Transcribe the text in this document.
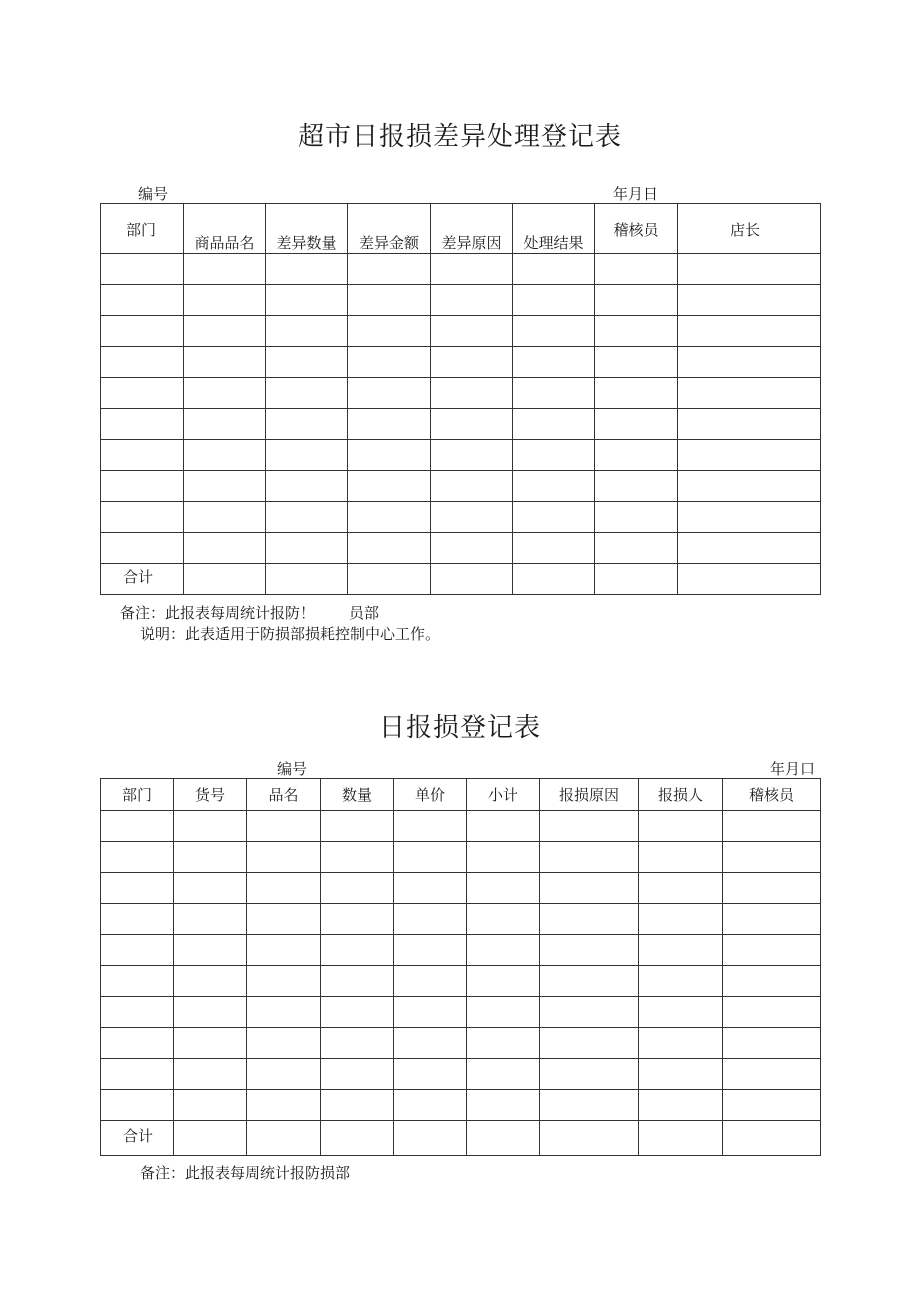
超市日报损差异处理登记表
编号	年月日
部门	商品品名	差异数量	差异金额	差异原因	处理结果	稽核员	店长

合计							

备注：此报表每周统计报防！ 员部
说明：此表适用于防损部损耗控制中心工作。
日报损登记表
编号	年月口
部门	货号	品名	数量	单价	小计	报损原因	报损人	稽核员

合计								

备注：此报表每周统计报防损部
